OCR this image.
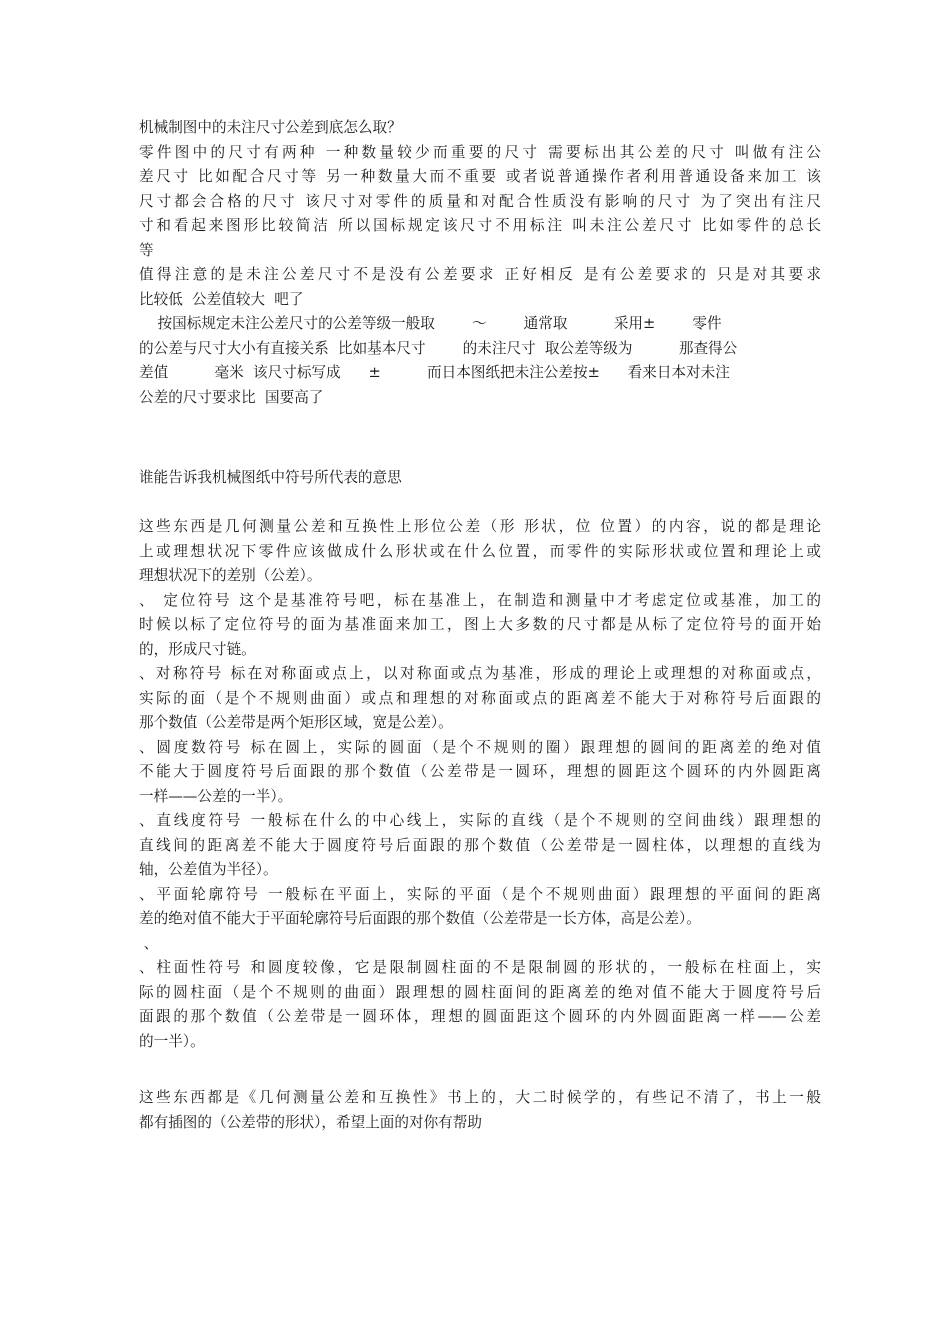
机械制图中的未注尺寸公差到底怎么取？
零件图中的尺寸有两种 一种数量较少而重要的尺寸 需要标出其公差的尺寸 叫做有注公
差尺寸 比如配合尺寸等 另一种数量大而不重要 或者说普通操作者利用普通设备来加工 该
尺寸都会合格的尺寸 该尺寸对零件的质量和对配合性质没有影响的尺寸 为了突出有注尺
寸和看起来图形比较简洁 所以国标规定该尺寸不用标注 叫未注公差尺寸 比如零件的总长
等
值得注意的是未注公差尺寸不是没有公差要求 正好相反 是有公差要求的 只是对其要求
比较低  公差值较大  吧了
按国标规定未注公差尺寸的公差等级一般取        ～        通常取          采用±        零件
的公差与尺寸大小有直接关系  比如基本尺寸        的未注尺寸  取公差等级为          那查得公
差值          毫米  该尺寸标写成      ±          而日本图纸把未注公差按±      看来日本对未注
公差的尺寸要求比  国要高了
谁能告诉我机械图纸中符号所代表的意思
这些东西是几何测量公差和互换性上形位公差（形 形状，位 位置）的内容，说的都是理论
上或理想状况下零件应该做成什么形状或在什么位置，而零件的实际形状或位置和理论上或
理想状况下的差别（公差）。
、 定位符号 这个是基准符号吧，标在基准上，在制造和测量中才考虑定位或基准，加工的
时候以标了定位符号的面为基准面来加工，图上大多数的尺寸都是从标了定位符号的面开始
的，形成尺寸链。
、对称符号 标在对称面或点上，以对称面或点为基准，形成的理论上或理想的对称面或点，
实际的面（是个不规则曲面）或点和理想的对称面或点的距离差不能大于对称符号后面跟的
那个数值（公差带是两个矩形区域，宽是公差）。
、圆度数符号 标在圆上，实际的圆面（是个不规则的圈）跟理想的圆间的距离差的绝对值
不能大于圆度符号后面跟的那个数值（公差带是一圆环，理想的圆距这个圆环的内外圆距离
一样——公差的一半）。
、直线度符号 一般标在什么的中心线上，实际的直线（是个不规则的空间曲线）跟理想的
直线间的距离差不能大于圆度符号后面跟的那个数值（公差带是一圆柱体，以理想的直线为
轴，公差值为半径）。
、平面轮廓符号 一般标在平面上，实际的平面（是个不规则曲面）跟理想的平面间的距离
差的绝对值不能大于平面轮廓符号后面跟的那个数值（公差带是一长方体，高是公差）。
、
、柱面性符号 和圆度较像，它是限制圆柱面的不是限制圆的形状的，一般标在柱面上，实
际的圆柱面（是个不规则的曲面）跟理想的圆柱面间的距离差的绝对值不能大于圆度符号后
面跟的那个数值（公差带是一圆环体，理想的圆面距这个圆环的内外圆面距离一样——公差
的一半）。
这些东西都是《几何测量公差和互换性》书上的，大二时候学的，有些记不清了，书上一般
都有插图的（公差带的形状），希望上面的对你有帮助
